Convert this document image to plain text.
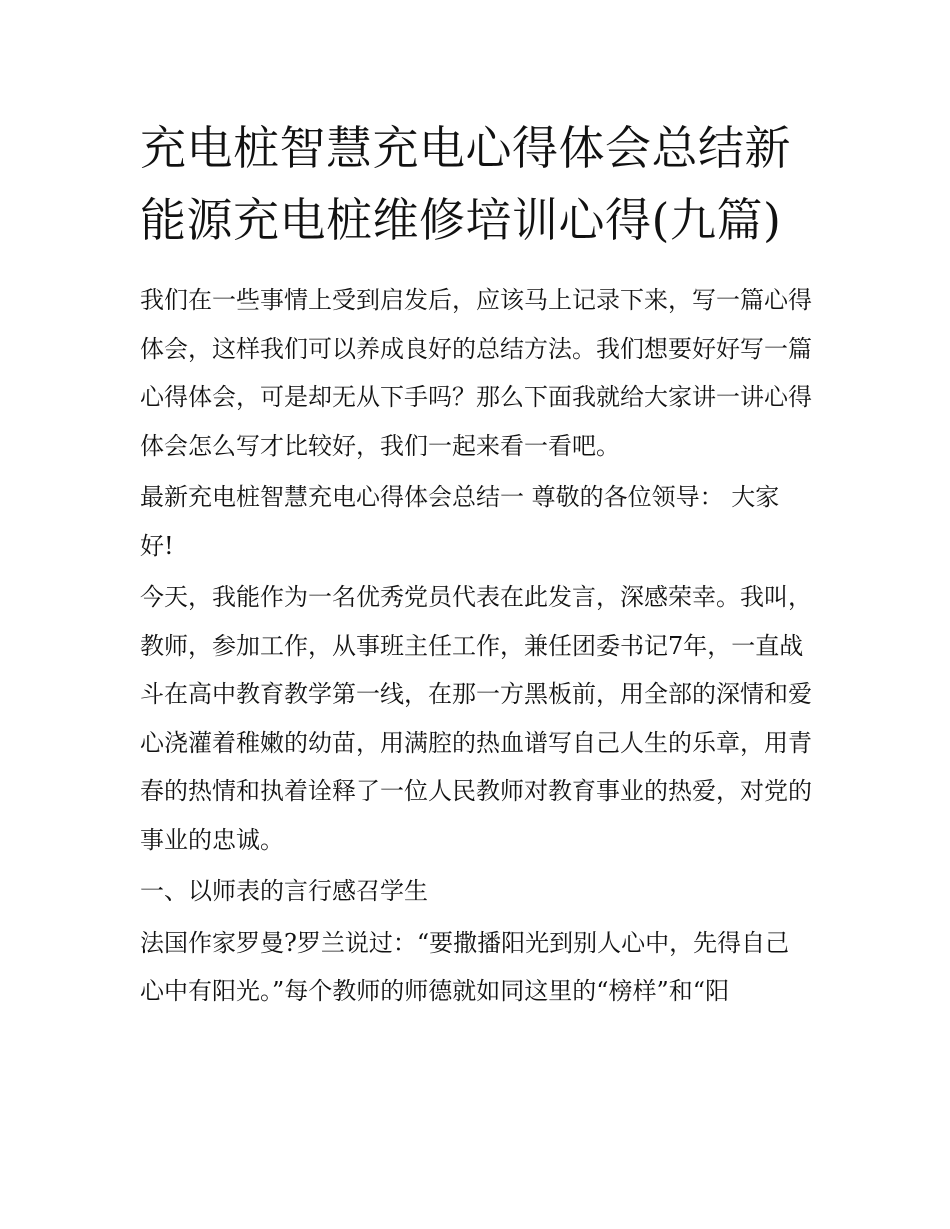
充电桩智慧充电心得体会总结新能源充电桩维修培训心得(九篇)

我们在一些事情上受到启发后，应该马上记录下来，写一篇心得体会，这样我们可以养成良好的总结方法。我们想要好好写一篇心得体会，可是却无从下手吗？那么下面我就给大家讲一讲心得体会怎么写才比较好，我们一起来看一看吧。

最新充电桩智慧充电心得体会总结一 尊敬的各位领导： 大家好!

今天，我能作为一名优秀党员代表在此发言，深感荣幸。我叫，教师，参加工作，从事班主任工作，兼任团委书记7年，一直战斗在高中教育教学第一线，在那一方黑板前，用全部的深情和爱心浇灌着稚嫩的幼苗，用满腔的热血谱写自己人生的乐章，用青春的热情和执着诠释了一位人民教师对教育事业的热爱，对党的事业的忠诚。

一、以师表的言行感召学生

法国作家罗曼?罗兰说过：“要撒播阳光到别人心中，先得自己心中有阳光。”每个教师的师德就如同这里的“榜样”和“阳
